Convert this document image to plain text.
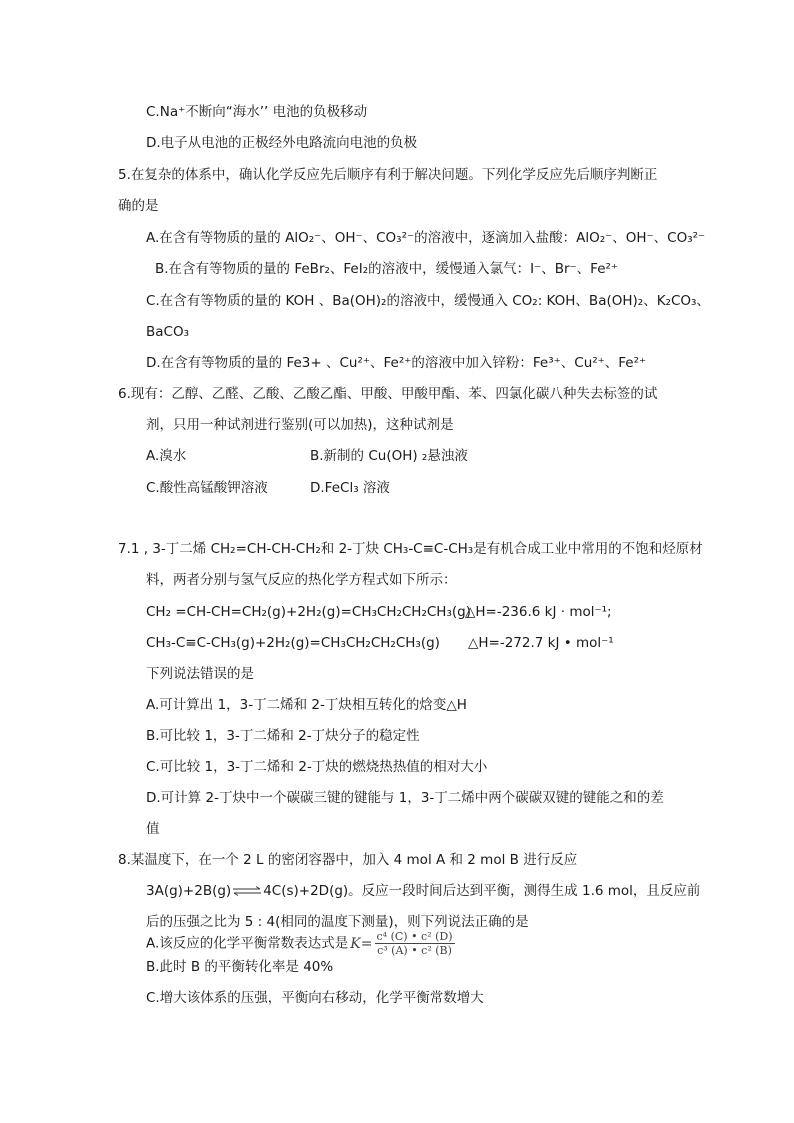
C.Na⁺不断向“海水’’ 电池的负极移动
D.电子从电池的正极经外电路流向电池的负极
5.在复杂的体系中，确认化学反应先后顺序有利于解决问题。下列化学反应先后顺序判断正
确的是
A.在含有等物质的量的 AlO₂⁻、OH⁻、CO₃²⁻的溶液中，逐滴加入盐酸：AlO₂⁻、OH⁻、CO₃²⁻
B.在含有等物质的量的 FeBr₂、FeI₂的溶液中，缓慢通入氯气：I⁻、Br⁻、Fe²⁺
C.在含有等物质的量的 KOH 、Ba(OH)₂的溶液中，缓慢通入 CO₂: KOH、Ba(OH)₂、K₂CO₃、
BaCO₃
D.在含有等物质的量的 Fe3+ 、Cu²⁺、Fe²⁺的溶液中加入锌粉：Fe³⁺、Cu²⁺、Fe²⁺
6.现有：乙醇、乙醛、乙酸、乙酸乙酯、甲酸、甲酸甲酯、苯、四氯化碳八种失去标签的试
剂，只用一种试剂进行鉴别(可以加热)，这种试剂是
A.溴水	B.新制的 Cu(OH) ₂悬浊液
C.酸性高锰酸钾溶液	D.FeCl₃ 溶液
7.1 , 3-丁二烯 CH₂=CH-CH-CH₂和 2-丁炔 CH₃-C≡C-CH₃是有机合成工业中常用的不饱和烃原材
料，两者分别与氢气反应的热化学方程式如下所示：
CH₂ =CH-CH=CH₂(g)+2H₂(g)=CH₃CH₂CH₂CH₃(g)
△H=-236.6 kJ · mol⁻¹;
CH₃-C≡C-CH₃(g)+2H₂(g)=CH₃CH₂CH₂CH₃(g) △H=-272.7 kJ • mol⁻¹
下列说法错误的是
A.可计算出 1，3-丁二烯和 2-丁炔相互转化的焓变△H
B.可比较 1，3-丁二烯和 2-丁炔分子的稳定性
C.可比较 1，3-丁二烯和 2-丁炔的燃烧热热值的相对大小
D.可计算 2-丁炔中一个碳碳三键的键能与 1，3-丁二烯中两个碳碳双键的键能之和的差
值
8.某温度下，在一个 2 L 的密闭容器中，加入 4 mol A 和 2 mol B 进行反应
3A(g)+2B(g)⇌4C(s)+2D(g)。反应一段时间后达到平衡，测得生成 1.6 mol，且反应前
后的压强之比为 5 : 4(相同的温度下测量)，则下列说法正确的是
A.该反应的化学平衡常数表达式是 $K= \frac{\text{c⁴ (C) • c² (D)}}{\text{c³ (A) • c² (B)}}$
B.此时 B 的平衡转化率是 40%
C.增大该体系的压强，平衡向右移动，化学平衡常数增大
